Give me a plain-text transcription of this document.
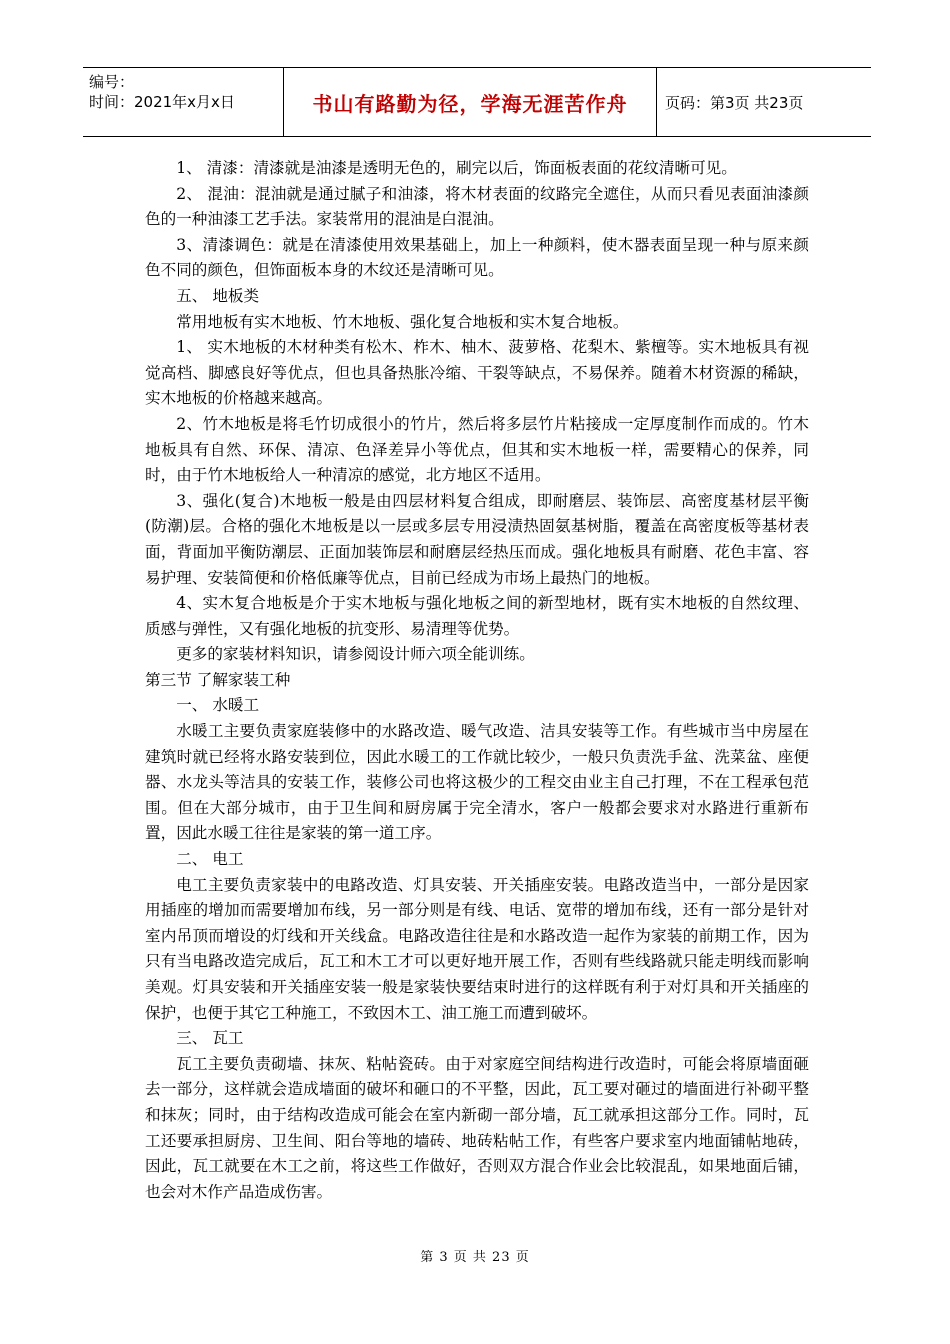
编号：
时间：2021年x月x日	书山有路勤为径，学海无涯苦作舟	页码：第3页 共23页

1、 清漆：清漆就是油漆是透明无色的，刷完以后，饰面板表面的花纹清晰可见。

2、 混油：混油就是通过腻子和油漆，将木材表面的纹路完全遮住，从而只看见表面油漆颜色的一种油漆工艺手法。家装常用的混油是白混油。

3、清漆调色：就是在清漆使用效果基础上，加上一种颜料，使木器表面呈现一种与原来颜色不同的颜色，但饰面板本身的木纹还是清晰可见。

五、 地板类

常用地板有实木地板、竹木地板、强化复合地板和实木复合地板。

1、 实木地板的木材种类有松木、柞木、柚木、菠萝格、花梨木、紫檀等。实木地板具有视觉高档、脚感良好等优点，但也具备热胀冷缩、干裂等缺点，不易保养。随着木材资源的稀缺，实木地板的价格越来越高。

2、竹木地板是将毛竹切成很小的竹片，然后将多层竹片粘接成一定厚度制作而成的。竹木地板具有自然、环保、清凉、色泽差异小等优点，但其和实木地板一样，需要精心的保养，同时，由于竹木地板给人一种清凉的感觉，北方地区不适用。

3、强化(复合)木地板一般是由四层材料复合组成，即耐磨层、装饰层、高密度基材层平衡(防潮)层。合格的强化木地板是以一层或多层专用浸渍热固氨基树脂，覆盖在高密度板等基材表面，背面加平衡防潮层、正面加装饰层和耐磨层经热压而成。强化地板具有耐磨、花色丰富、容易护理、安装简便和价格低廉等优点，目前已经成为市场上最热门的地板。

4、实木复合地板是介于实木地板与强化地板之间的新型地材，既有实木地板的自然纹理、质感与弹性，又有强化地板的抗变形、易清理等优势。

更多的家装材料知识，请参阅设计师六项全能训练。

第三节 了解家装工种

一、 水暖工

水暖工主要负责家庭装修中的水路改造、暖气改造、洁具安装等工作。有些城市当中房屋在建筑时就已经将水路安装到位，因此水暖工的工作就比较少，一般只负责洗手盆、洗菜盆、座便器、水龙头等洁具的安装工作，装修公司也将这极少的工程交由业主自己打理，不在工程承包范围。但在大部分城市，由于卫生间和厨房属于完全清水，客户一般都会要求对水路进行重新布置，因此水暖工往往是家装的第一道工序。

二、 电工

电工主要负责家装中的电路改造、灯具安装、开关插座安装。电路改造当中，一部分是因家用插座的增加而需要增加布线，另一部分则是有线、电话、宽带的增加布线，还有一部分是针对室内吊顶而增设的灯线和开关线盒。电路改造往往是和水路改造一起作为家装的前期工作，因为只有当电路改造完成后，瓦工和木工才可以更好地开展工作，否则有些线路就只能走明线而影响美观。灯具安装和开关插座安装一般是家装快要结束时进行的这样既有利于对灯具和开关插座的保护，也便于其它工种施工，不致因木工、油工施工而遭到破坏。

三、 瓦工

瓦工主要负责砌墙、抹灰、粘帖瓷砖。由于对家庭空间结构进行改造时，可能会将原墙面砸去一部分，这样就会造成墙面的破坏和砸口的不平整，因此，瓦工要对砸过的墙面进行补砌平整和抹灰；同时，由于结构改造成可能会在室内新砌一部分墙，瓦工就承担这部分工作。同时，瓦工还要承担厨房、卫生间、阳台等地的墙砖、地砖粘帖工作，有些客户要求室内地面铺帖地砖，因此，瓦工就要在木工之前，将这些工作做好，否则双方混合作业会比较混乱，如果地面后铺，也会对木作产品造成伤害。

第 3 页 共 23 页
